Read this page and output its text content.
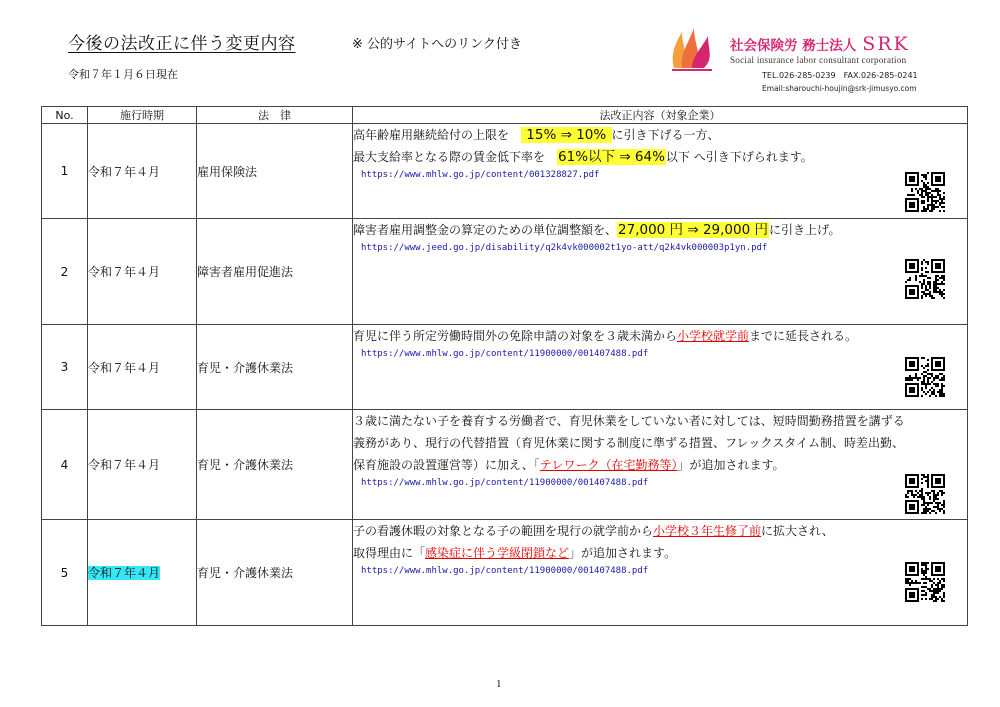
今後の法改正に伴う変更内容	※ 公的サイトへのリンク付き
令和７年１月６日現在
社会保険労 務士法人 SRK
Social insurance labor consultant corporation
TEL.026-285-0239　FAX.026-285-0241
Email:sharouchi-houjin@srk-jimusyo.com
No.	施行時期	法　律	法改正内容（対象企業）
1	令和７年４月	雇用保険法	高年齢雇用継続給付の上限を　 15% ⇒ 10% に引き下げる一方、
最大支給率となる際の賃金低下率を　61%以下 ⇒ 64%以下 へ引き下げられます。
https://www.mhlw.go.jp/content/001328827.pdf

2	令和７年４月	障害者雇用促進法	障害者雇用調整金の算定のための単位調整額を、27,000 円 ⇒ 29,000 円に引き上げ。
https://www.jeed.go.jp/disability/q2k4vk000002t1yo-att/q2k4vk000003p1yn.pdf

3	令和７年４月	育児・介護休業法	育児に伴う所定労働時間外の免除申請の対象を３歳未満から小学校就学前までに延長される。
https://www.mhlw.go.jp/content/11900000/001407488.pdf

4	令和７年４月	育児・介護休業法	３歳に満たない子を養育する労働者で、育児休業をしていない者に対しては、短時間勤務措置を講ずる
義務があり、現行の代替措置（育児休業に関する制度に準ずる措置、フレックスタイム制、時差出勤、
保育施設の設置運営等）に加え、「テレワーク（在宅勤務等）」が追加されます。
https://www.mhlw.go.jp/content/11900000/001407488.pdf

5	令和７年４月	育児・介護休業法	子の看護休暇の対象となる子の範囲を現行の就学前から小学校３年生修了前に拡大され、
取得理由に「感染症に伴う学級閉鎖など」が追加されます。
https://www.mhlw.go.jp/content/11900000/001407488.pdf
1
